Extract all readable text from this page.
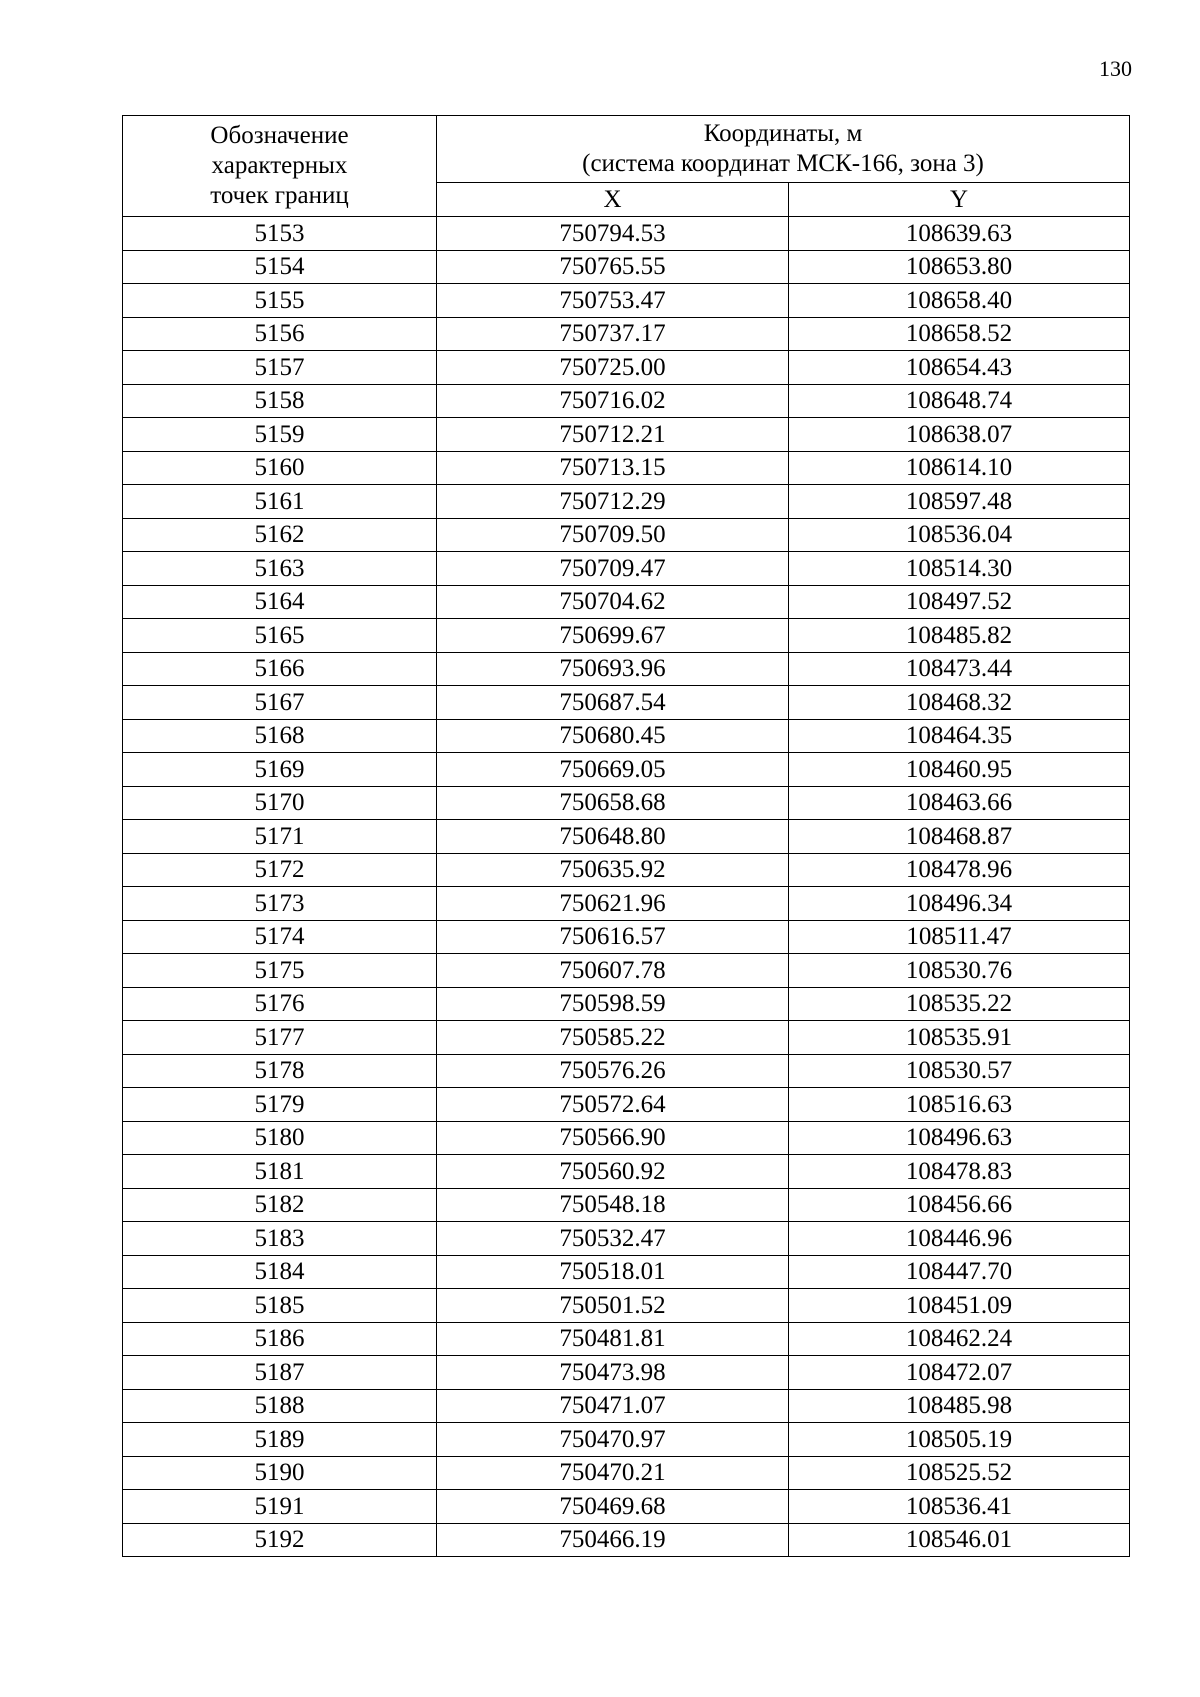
130
Обозначение
характерных
точек границ	Координаты, м
(система координат МСК-166, зона 3)	

	X	Y
5153	750794.53	108639.63
5154	750765.55	108653.80
5155	750753.47	108658.40
5156	750737.17	108658.52
5157	750725.00	108654.43
5158	750716.02	108648.74
5159	750712.21	108638.07
5160	750713.15	108614.10
5161	750712.29	108597.48
5162	750709.50	108536.04
5163	750709.47	108514.30
5164	750704.62	108497.52
5165	750699.67	108485.82
5166	750693.96	108473.44
5167	750687.54	108468.32
5168	750680.45	108464.35
5169	750669.05	108460.95
5170	750658.68	108463.66
5171	750648.80	108468.87
5172	750635.92	108478.96
5173	750621.96	108496.34
5174	750616.57	108511.47
5175	750607.78	108530.76
5176	750598.59	108535.22
5177	750585.22	108535.91
5178	750576.26	108530.57
5179	750572.64	108516.63
5180	750566.90	108496.63
5181	750560.92	108478.83
5182	750548.18	108456.66
5183	750532.47	108446.96
5184	750518.01	108447.70
5185	750501.52	108451.09
5186	750481.81	108462.24
5187	750473.98	108472.07
5188	750471.07	108485.98
5189	750470.97	108505.19
5190	750470.21	108525.52
5191	750469.68	108536.41
5192	750466.19	108546.01
